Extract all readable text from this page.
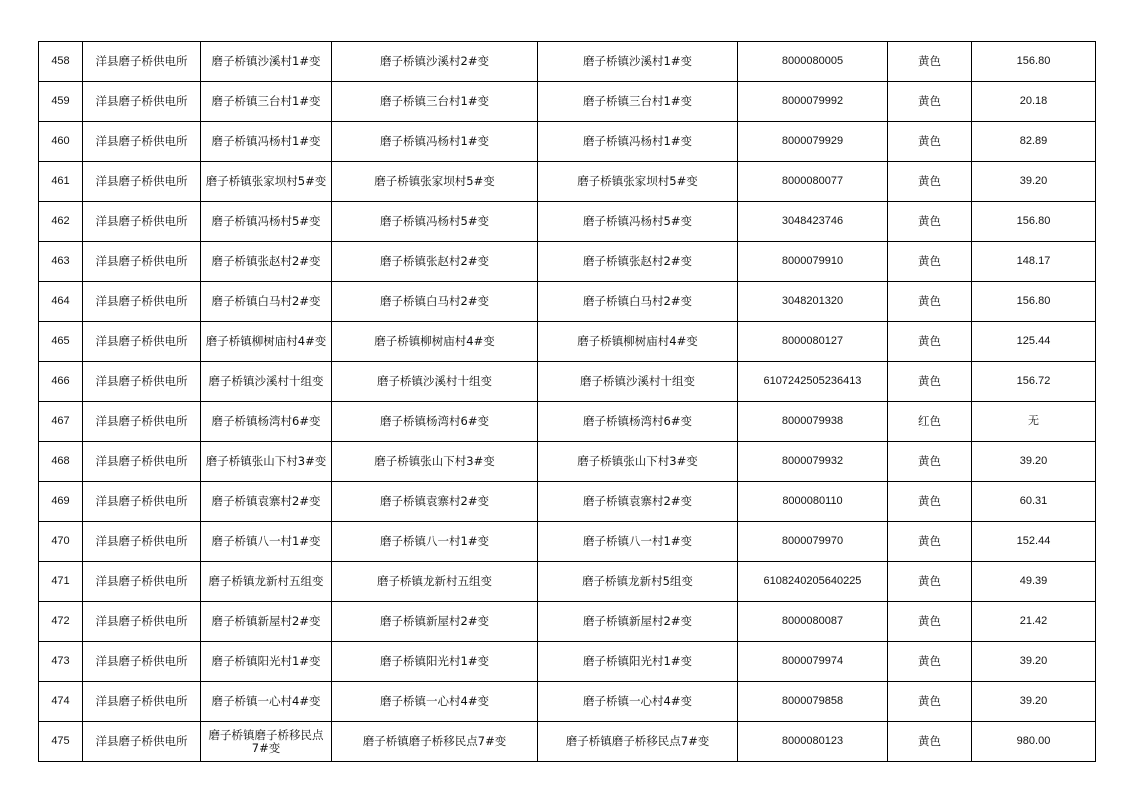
458	洋县磨子桥供电所	磨子桥镇沙溪村1#变	磨子桥镇沙溪村2#变	磨子桥镇沙溪村1#变	8000080005	黄色	156.80
459	洋县磨子桥供电所	磨子桥镇三台村1#变	磨子桥镇三台村1#变	磨子桥镇三台村1#变	8000079992	黄色	20.18
460	洋县磨子桥供电所	磨子桥镇冯杨村1#变	磨子桥镇冯杨村1#变	磨子桥镇冯杨村1#变	8000079929	黄色	82.89
461	洋县磨子桥供电所	磨子桥镇张家坝村5#变	磨子桥镇张家坝村5#变	磨子桥镇张家坝村5#变	8000080077	黄色	39.20
462	洋县磨子桥供电所	磨子桥镇冯杨村5#变	磨子桥镇冯杨村5#变	磨子桥镇冯杨村5#变	3048423746	黄色	156.80
463	洋县磨子桥供电所	磨子桥镇张赵村2#变	磨子桥镇张赵村2#变	磨子桥镇张赵村2#变	8000079910	黄色	148.17
464	洋县磨子桥供电所	磨子桥镇白马村2#变	磨子桥镇白马村2#变	磨子桥镇白马村2#变	3048201320	黄色	156.80
465	洋县磨子桥供电所	磨子桥镇柳树庙村4#变	磨子桥镇柳树庙村4#变	磨子桥镇柳树庙村4#变	8000080127	黄色	125.44
466	洋县磨子桥供电所	磨子桥镇沙溪村十组变	磨子桥镇沙溪村十组变	磨子桥镇沙溪村十组变	6107242505236413	黄色	156.72
467	洋县磨子桥供电所	磨子桥镇杨湾村6#变	磨子桥镇杨湾村6#变	磨子桥镇杨湾村6#变	8000079938	红色	无
468	洋县磨子桥供电所	磨子桥镇张山下村3#变	磨子桥镇张山下村3#变	磨子桥镇张山下村3#变	8000079932	黄色	39.20
469	洋县磨子桥供电所	磨子桥镇袁寨村2#变	磨子桥镇袁寨村2#变	磨子桥镇袁寨村2#变	8000080110	黄色	60.31
470	洋县磨子桥供电所	磨子桥镇八一村1#变	磨子桥镇八一村1#变	磨子桥镇八一村1#变	8000079970	黄色	152.44
471	洋县磨子桥供电所	磨子桥镇龙新村五组变	磨子桥镇龙新村五组变	磨子桥镇龙新村5组变	6108240205640225	黄色	49.39
472	洋县磨子桥供电所	磨子桥镇新屋村2#变	磨子桥镇新屋村2#变	磨子桥镇新屋村2#变	8000080087	黄色	21.42
473	洋县磨子桥供电所	磨子桥镇阳光村1#变	磨子桥镇阳光村1#变	磨子桥镇阳光村1#变	8000079974	黄色	39.20
474	洋县磨子桥供电所	磨子桥镇一心村4#变	磨子桥镇一心村4#变	磨子桥镇一心村4#变	8000079858	黄色	39.20
475	洋县磨子桥供电所	磨子桥镇磨子桥移民点7#变	磨子桥镇磨子桥移民点7#变	磨子桥镇磨子桥移民点7#变	8000080123	黄色	980.00
